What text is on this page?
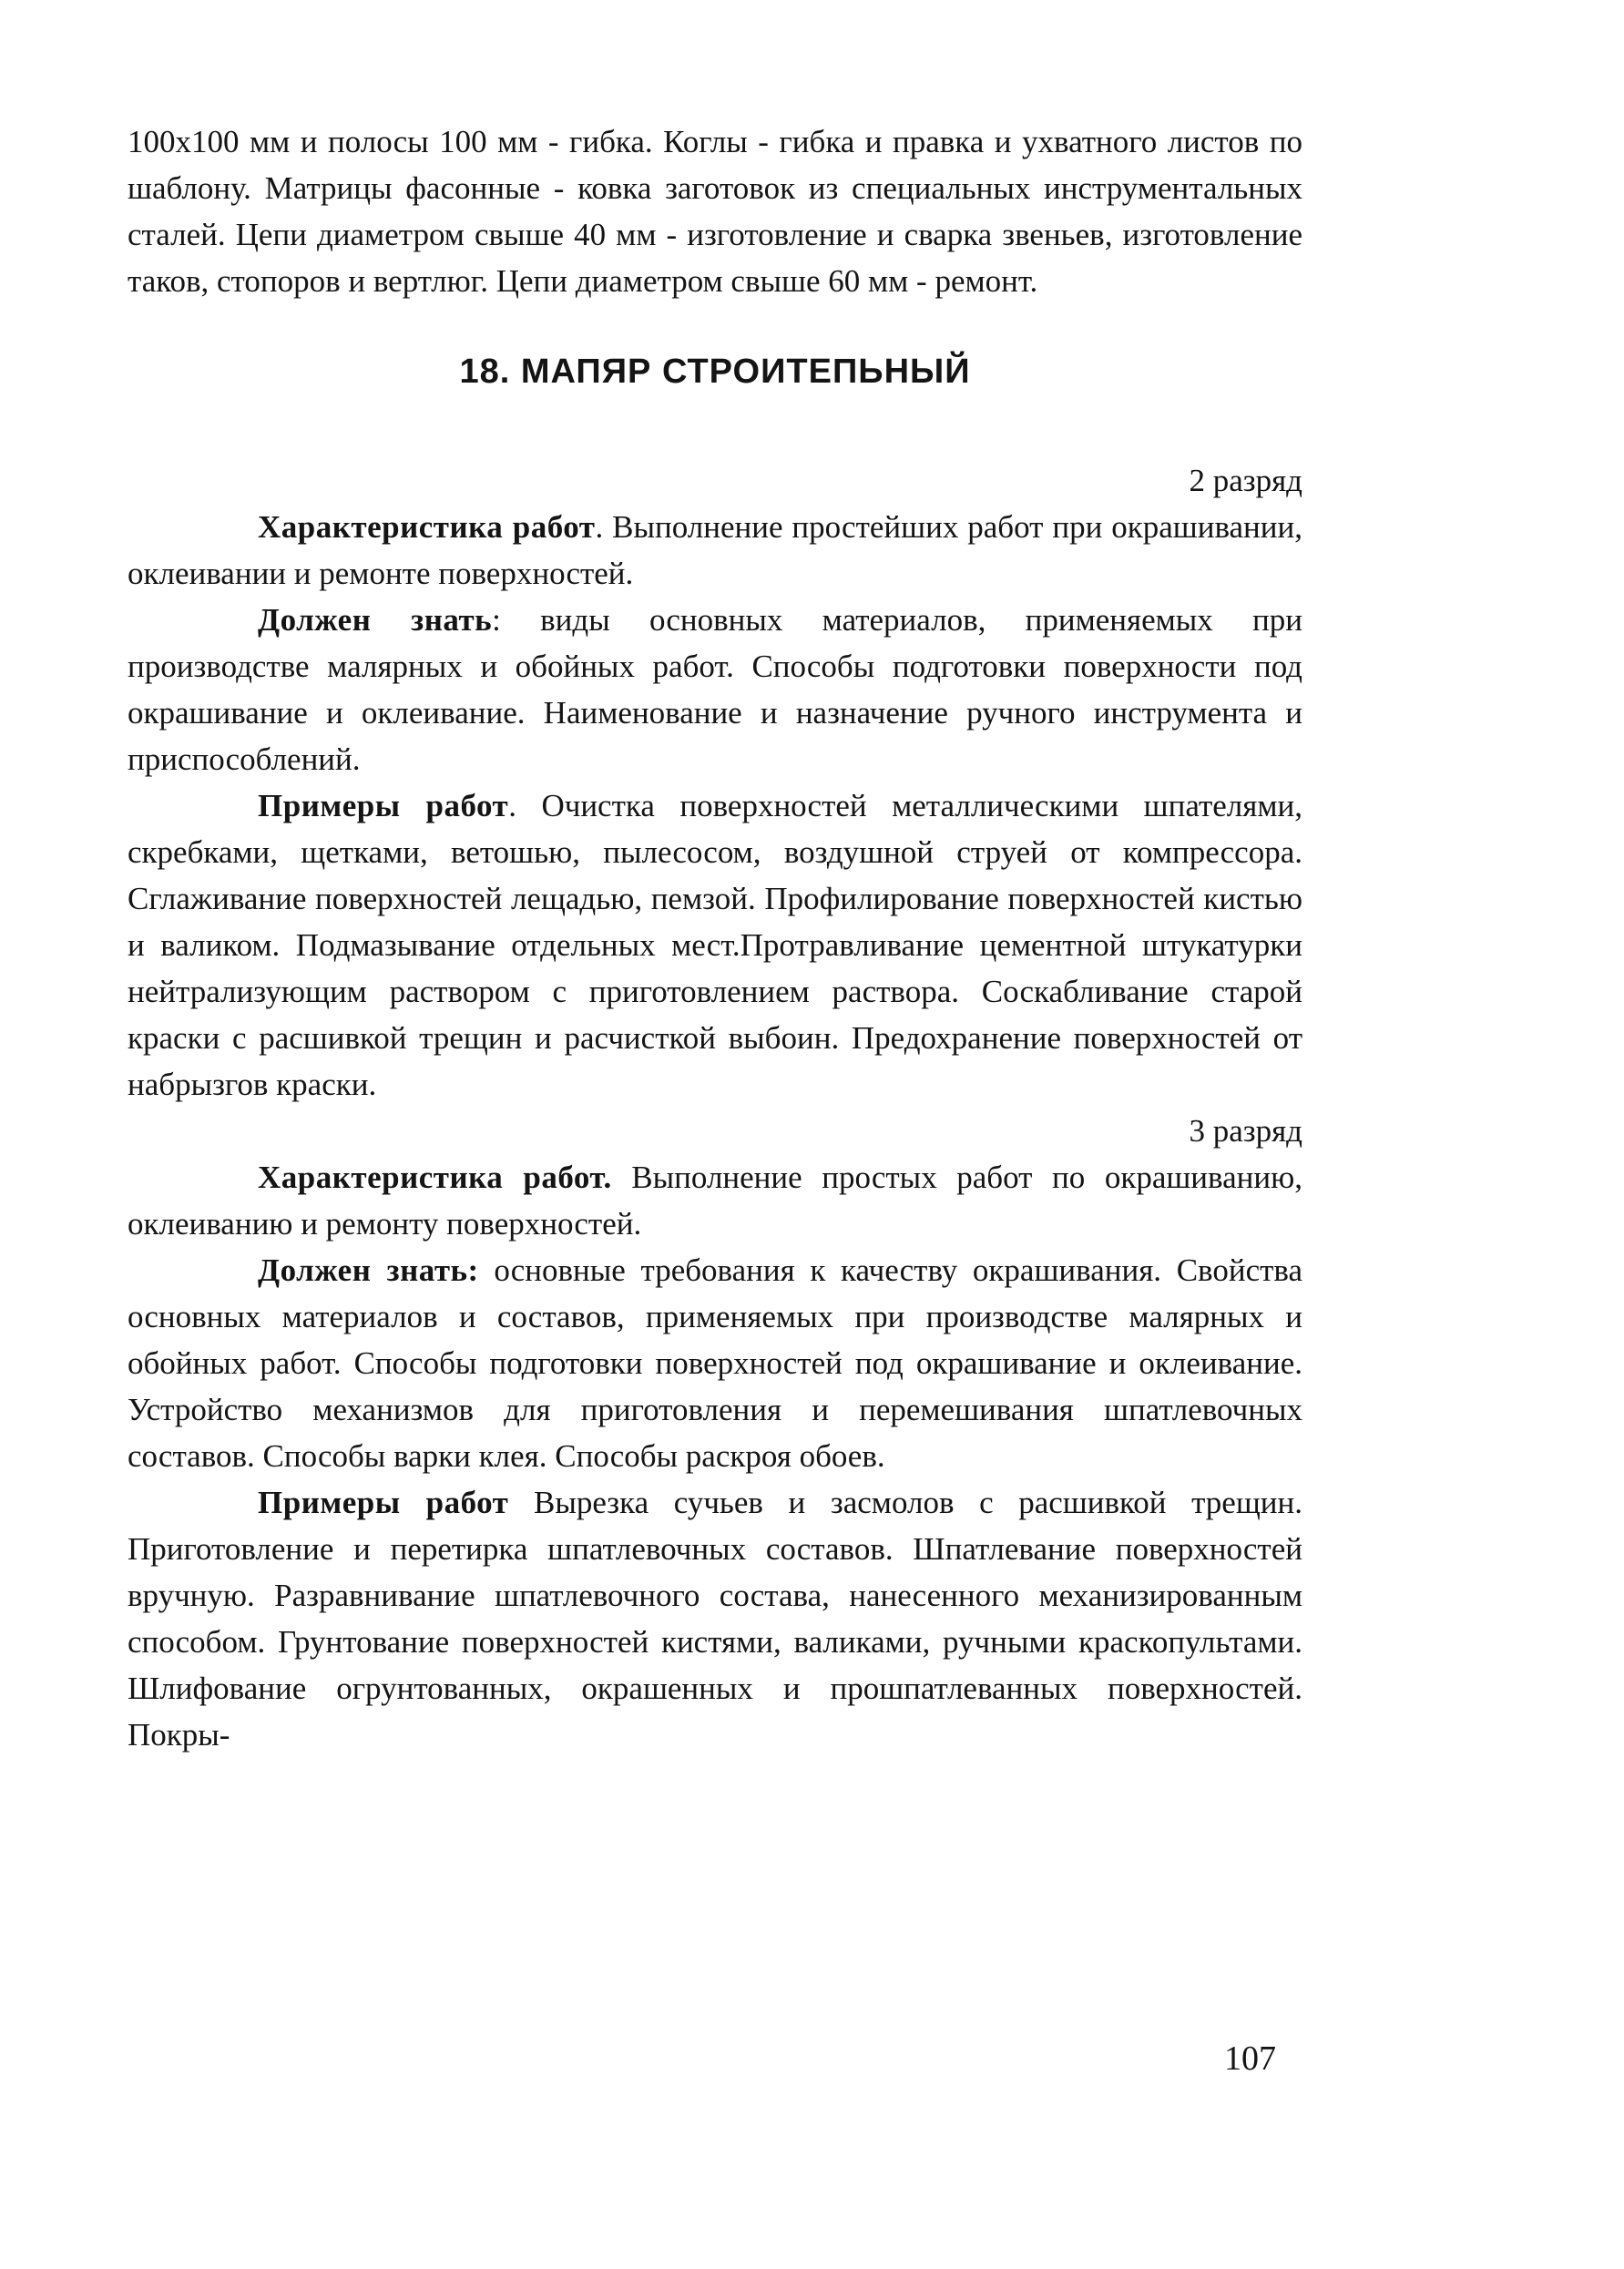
100х100 мм и полосы 100 мм - гибка. Коглы - гибка и правка и ухватного листов по шаблону. Матрицы фасонные - ковка заготовок из специальных инструментальных сталей. Цепи диаметром свыше 40 мм - изготовление и сварка звеньев, изготовление таков, стопоров и вертлюг. Цепи диаметром свыше 60 мм - ремонт.

18. МАПЯР СТРОИТЕПЬНЫЙ

2 разряд

Характеристика работ. Выполнение простейших работ при окрашивании, оклеивании и ремонте поверхностей.

Должен знать: виды основных материалов, применяемых при производстве малярных и обойных работ. Способы подготовки поверхности под окрашивание и оклеивание. Наименование и назначение ручного инструмента и приспособлений.

Примеры работ. Очистка поверхностей металлическими шпателями, скребками, щетками, ветошью, пылесосом, воздушной струей от компрессора. Сглаживание поверхностей лещадью, пемзой. Профилирование поверхностей кистью и валиком. Подмазывание отдельных мест.Протравливание цементной штукатурки нейтрализующим раствором с приготовлением раствора. Соскабливание старой краски с расшивкой трещин и расчисткой выбоин. Предохранение поверхностей от набрызгов краски.

3 разряд

Характеристика работ. Выполнение простых работ по окрашиванию, оклеиванию и ремонту поверхностей.

Должен знать: основные требования к качеству окрашивания. Свойства основных материалов и составов, применяемых при производстве малярных и обойных работ. Способы подготовки поверхностей под окрашивание и оклеивание. Устройство механизмов для приготовления и перемешивания шпатлевочных составов. Способы варки клея. Способы раскроя обоев.

Примеры работ Вырезка сучьев и засмолов с расшивкой трещин. Приготовление и перетирка шпатлевочных составов. Шпатлевание поверхностей вручную. Разравнивание шпатлевочного состава, нанесенного механизированным способом. Грунтование поверхностей кистями, валиками, ручными краскопультами. Шлифование огрунтованных, окрашенных и прошпатлеванных поверхностей. Покры-

107
